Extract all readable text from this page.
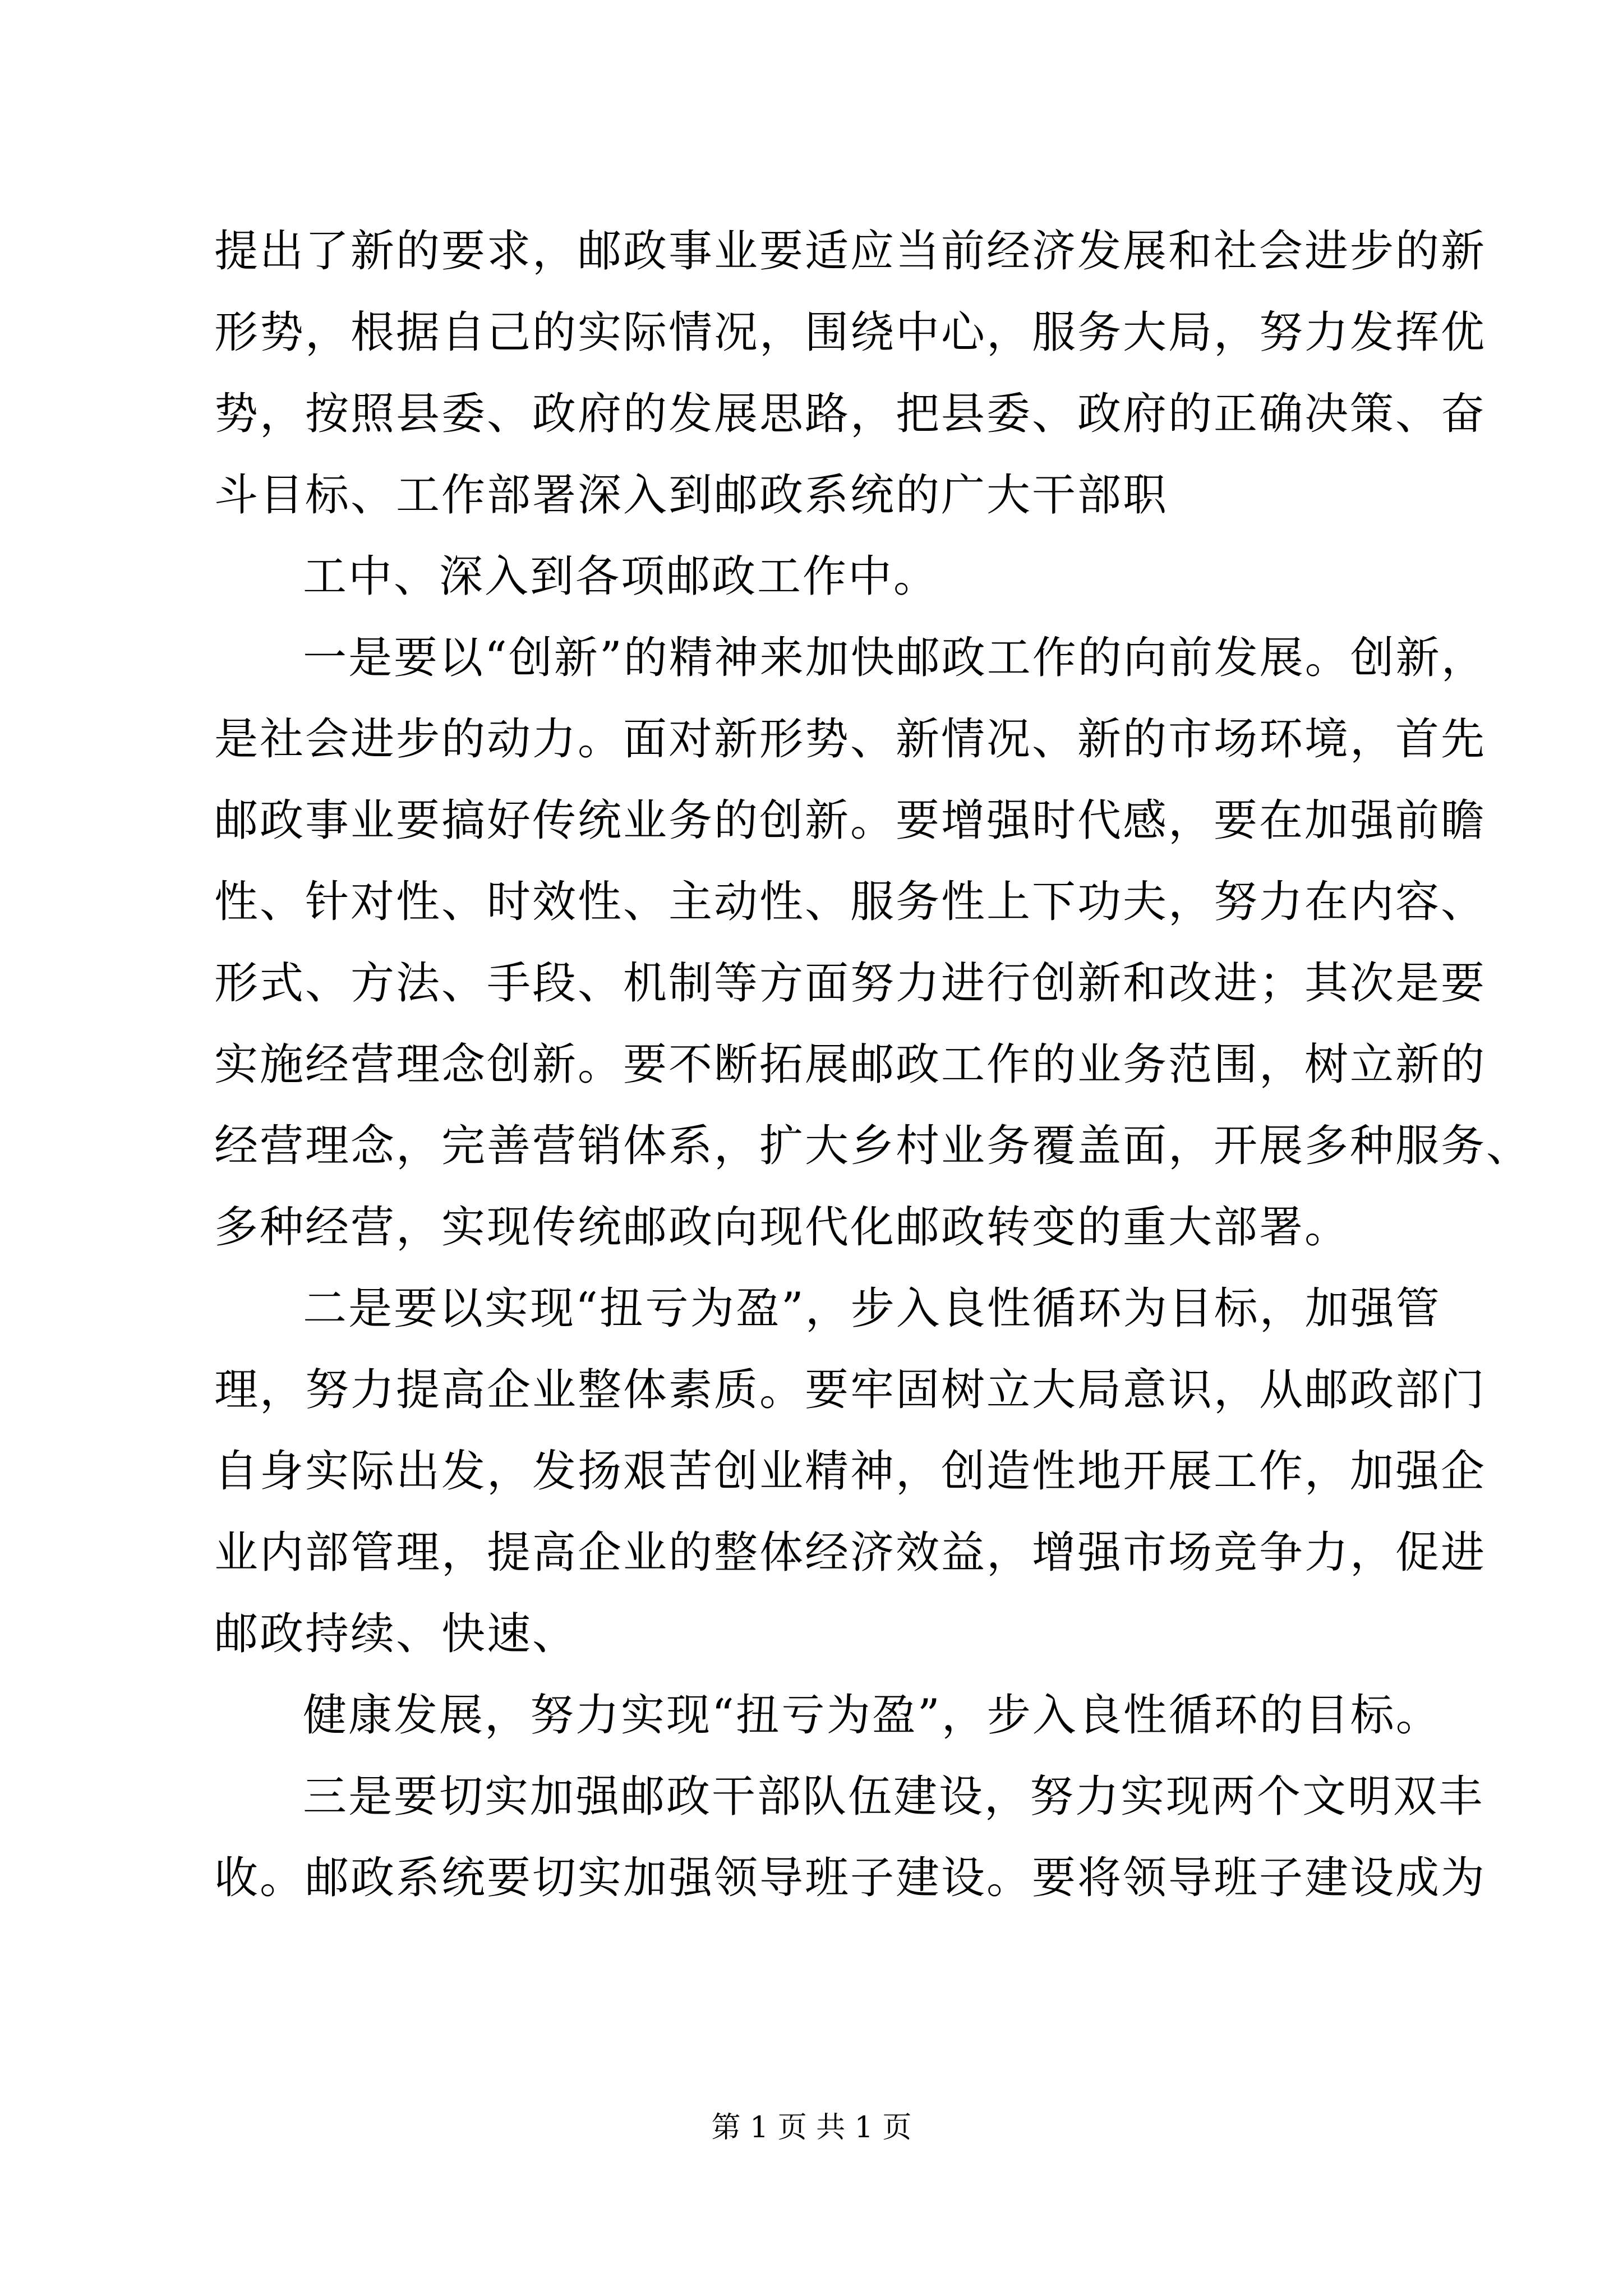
提出了新的要求，邮政事业要适应当前经济发展和社会进步的新
形势，根据自己的实际情况，围绕中心，服务大局，努力发挥优
势，按照县委、政府的发展思路，把县委、政府的正确决策、奋
斗目标、工作部署深入到邮政系统的广大干部职
工中、深入到各项邮政工作中。
一是要以“创新”的精神来加快邮政工作的向前发展。创新，
是社会进步的动力。面对新形势、新情况、新的市场环境，首先
邮政事业要搞好传统业务的创新。要增强时代感，要在加强前瞻
性、针对性、时效性、主动性、服务性上下功夫，努力在内容、
形式、方法、手段、机制等方面努力进行创新和改进；其次是要
实施经营理念创新。要不断拓展邮政工作的业务范围，树立新的
经营理念，完善营销体系，扩大乡村业务覆盖面，开展多种服务、
多种经营，实现传统邮政向现代化邮政转变的重大部署。
二是要以实现“扭亏为盈”，步入良性循环为目标，加强管
理，努力提高企业整体素质。要牢固树立大局意识，从邮政部门
自身实际出发，发扬艰苦创业精神，创造性地开展工作，加强企
业内部管理，提高企业的整体经济效益，增强市场竞争力，促进
邮政持续、快速、
健康发展，努力实现“扭亏为盈”，步入良性循环的目标。
三是要切实加强邮政干部队伍建设，努力实现两个文明双丰
收。邮政系统要切实加强领导班子建设。要将领导班子建设成为
第 1 页 共 1 页
